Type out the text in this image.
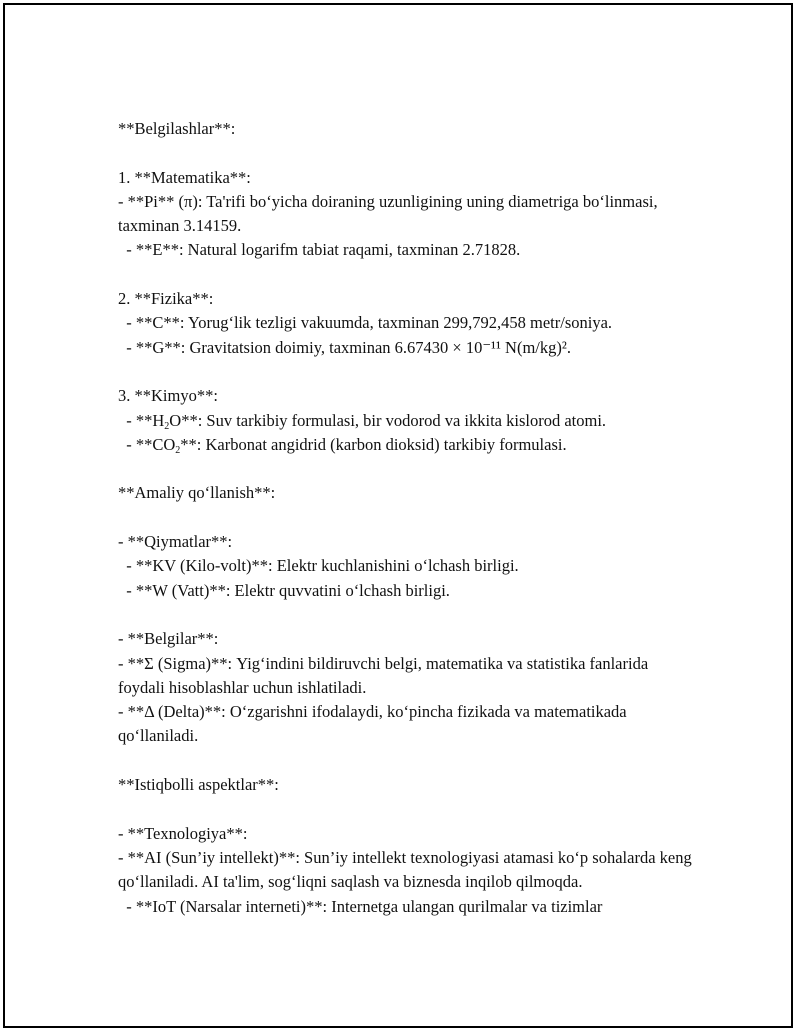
**Belgilashlar**:
1. **Matematika**:
- **Pi** (π): Ta'rifi bo‘yicha doiraning uzunligining uning diametriga bo‘linmasi, taxminan 3.14159.
- **E**: Natural logarifm tabiat raqami, taxminan 2.71828.
2. **Fizika**:
- **C**: Yorug‘lik tezligi vakuumda, taxminan 299,792,458 metr/soniya.
- **G**: Gravitatsion doimiy, taxminan 6.67430 × 10⁻¹¹ N(m/kg)².
3. **Kimyo**:
- $**H_2O**$: Suv tarkibiy formulasi, bir vodorod va ikkita kislorod atomi.
- $**CO_2**$: Karbonat angidrid (karbon dioksid) tarkibiy formulasi.
**Amaliy qo‘llanish**:
- **Qiymatlar**:
- **KV (Kilo-volt)**: Elektr kuchlanishini o‘lchash birligi.
- **W (Vatt)**: Elektr quvvatini o‘lchash birligi.
- **Belgilar**:
- **Σ (Sigma)**: Yig‘indini bildiruvchi belgi, matematika va statistika fanlarida foydali hisoblashlar uchun ishlatiladi.
- **Δ (Delta)**: O‘zgarishni ifodalaydi, ko‘pincha fizikada va matematikada qo‘llaniladi.
**Istiqbolli aspektlar**:
- **Texnologiya**:
- **AI (Sun’iy intellekt)**: Sun’iy intellekt texnologiyasi atamasi ko‘p sohalarda keng qo‘llaniladi. AI ta'lim, sog‘liqni saqlash va biznesda inqilob qilmoqda.
- **IoT (Narsalar interneti)**: Internetga ulangan qurilmalar va tizimlar
